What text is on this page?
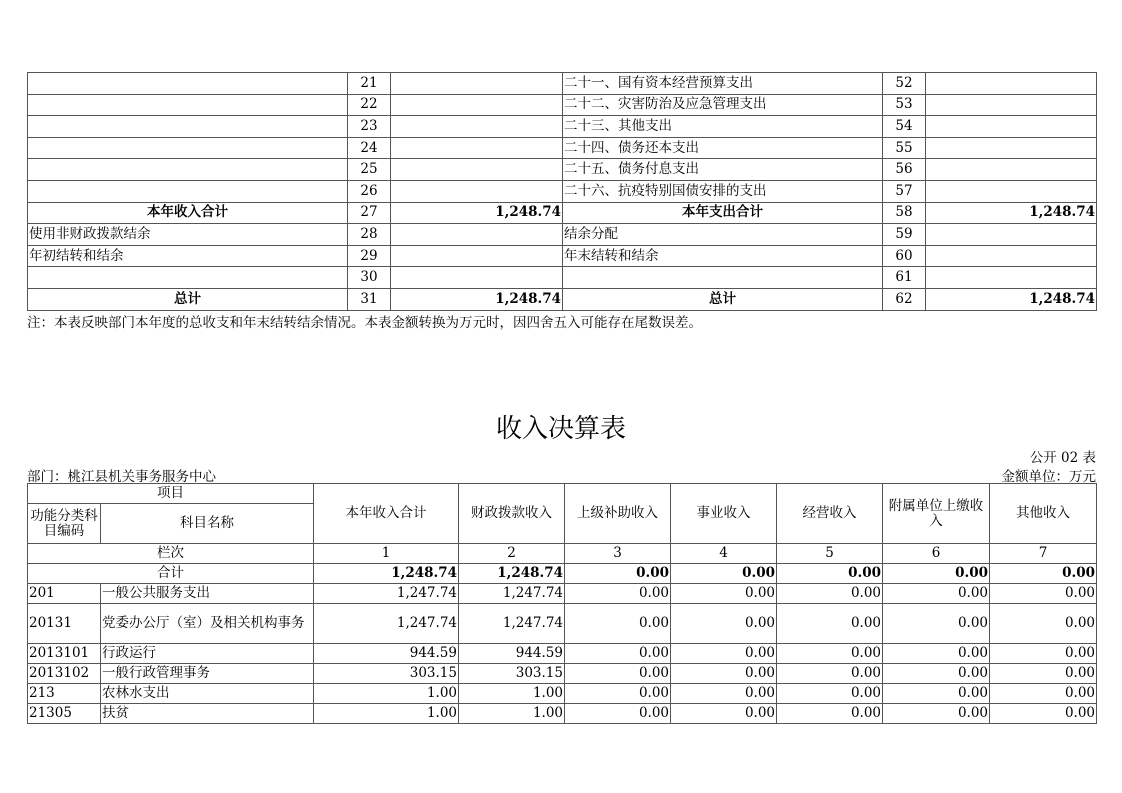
	21		二十一、国有资本经营预算支出	52	
	22		二十二、灾害防治及应急管理支出	53	
	23		二十三、其他支出	54	
	24		二十四、债务还本支出	55	
	25		二十五、债务付息支出	56	
	26		二十六、抗疫特别国债安排的支出	57	
本年收入合计	27	1,248.74	本年支出合计	58	1,248.74
使用非财政拨款结余	28		结余分配	59	
年初结转和结余	29		年末结转和结余	60	
	30			61	
总计	31	1,248.74	总计	62	1,248.74
注：本表反映部门本年度的总收支和年末结转结余情况。本表金额转换为万元时，因四舍五入可能存在尾数误差。
收入决算表
公开 02 表
部门：桃江县机关事务服务中心	金额单位：万元
项目		本年收入合计	财政拨款收入	上级补助收入	事业收入	经营收入	附属单位上缴收入	其他收入
功能分类科目编码	科目名称							
栏次		1	2	3	4	5	6	7
合计		1,248.74	1,248.74	0.00	0.00	0.00	0.00	0.00
201	一般公共服务支出	1,247.74	1,247.74	0.00	0.00	0.00	0.00	0.00
20131	党委办公厅（室）及相关机构事务	1,247.74	1,247.74	0.00	0.00	0.00	0.00	0.00
2013101	行政运行	944.59	944.59	0.00	0.00	0.00	0.00	0.00
2013102	一般行政管理事务	303.15	303.15	0.00	0.00	0.00	0.00	0.00
213	农林水支出	1.00	1.00	0.00	0.00	0.00	0.00	0.00
21305	扶贫	1.00	1.00	0.00	0.00	0.00	0.00	0.00
